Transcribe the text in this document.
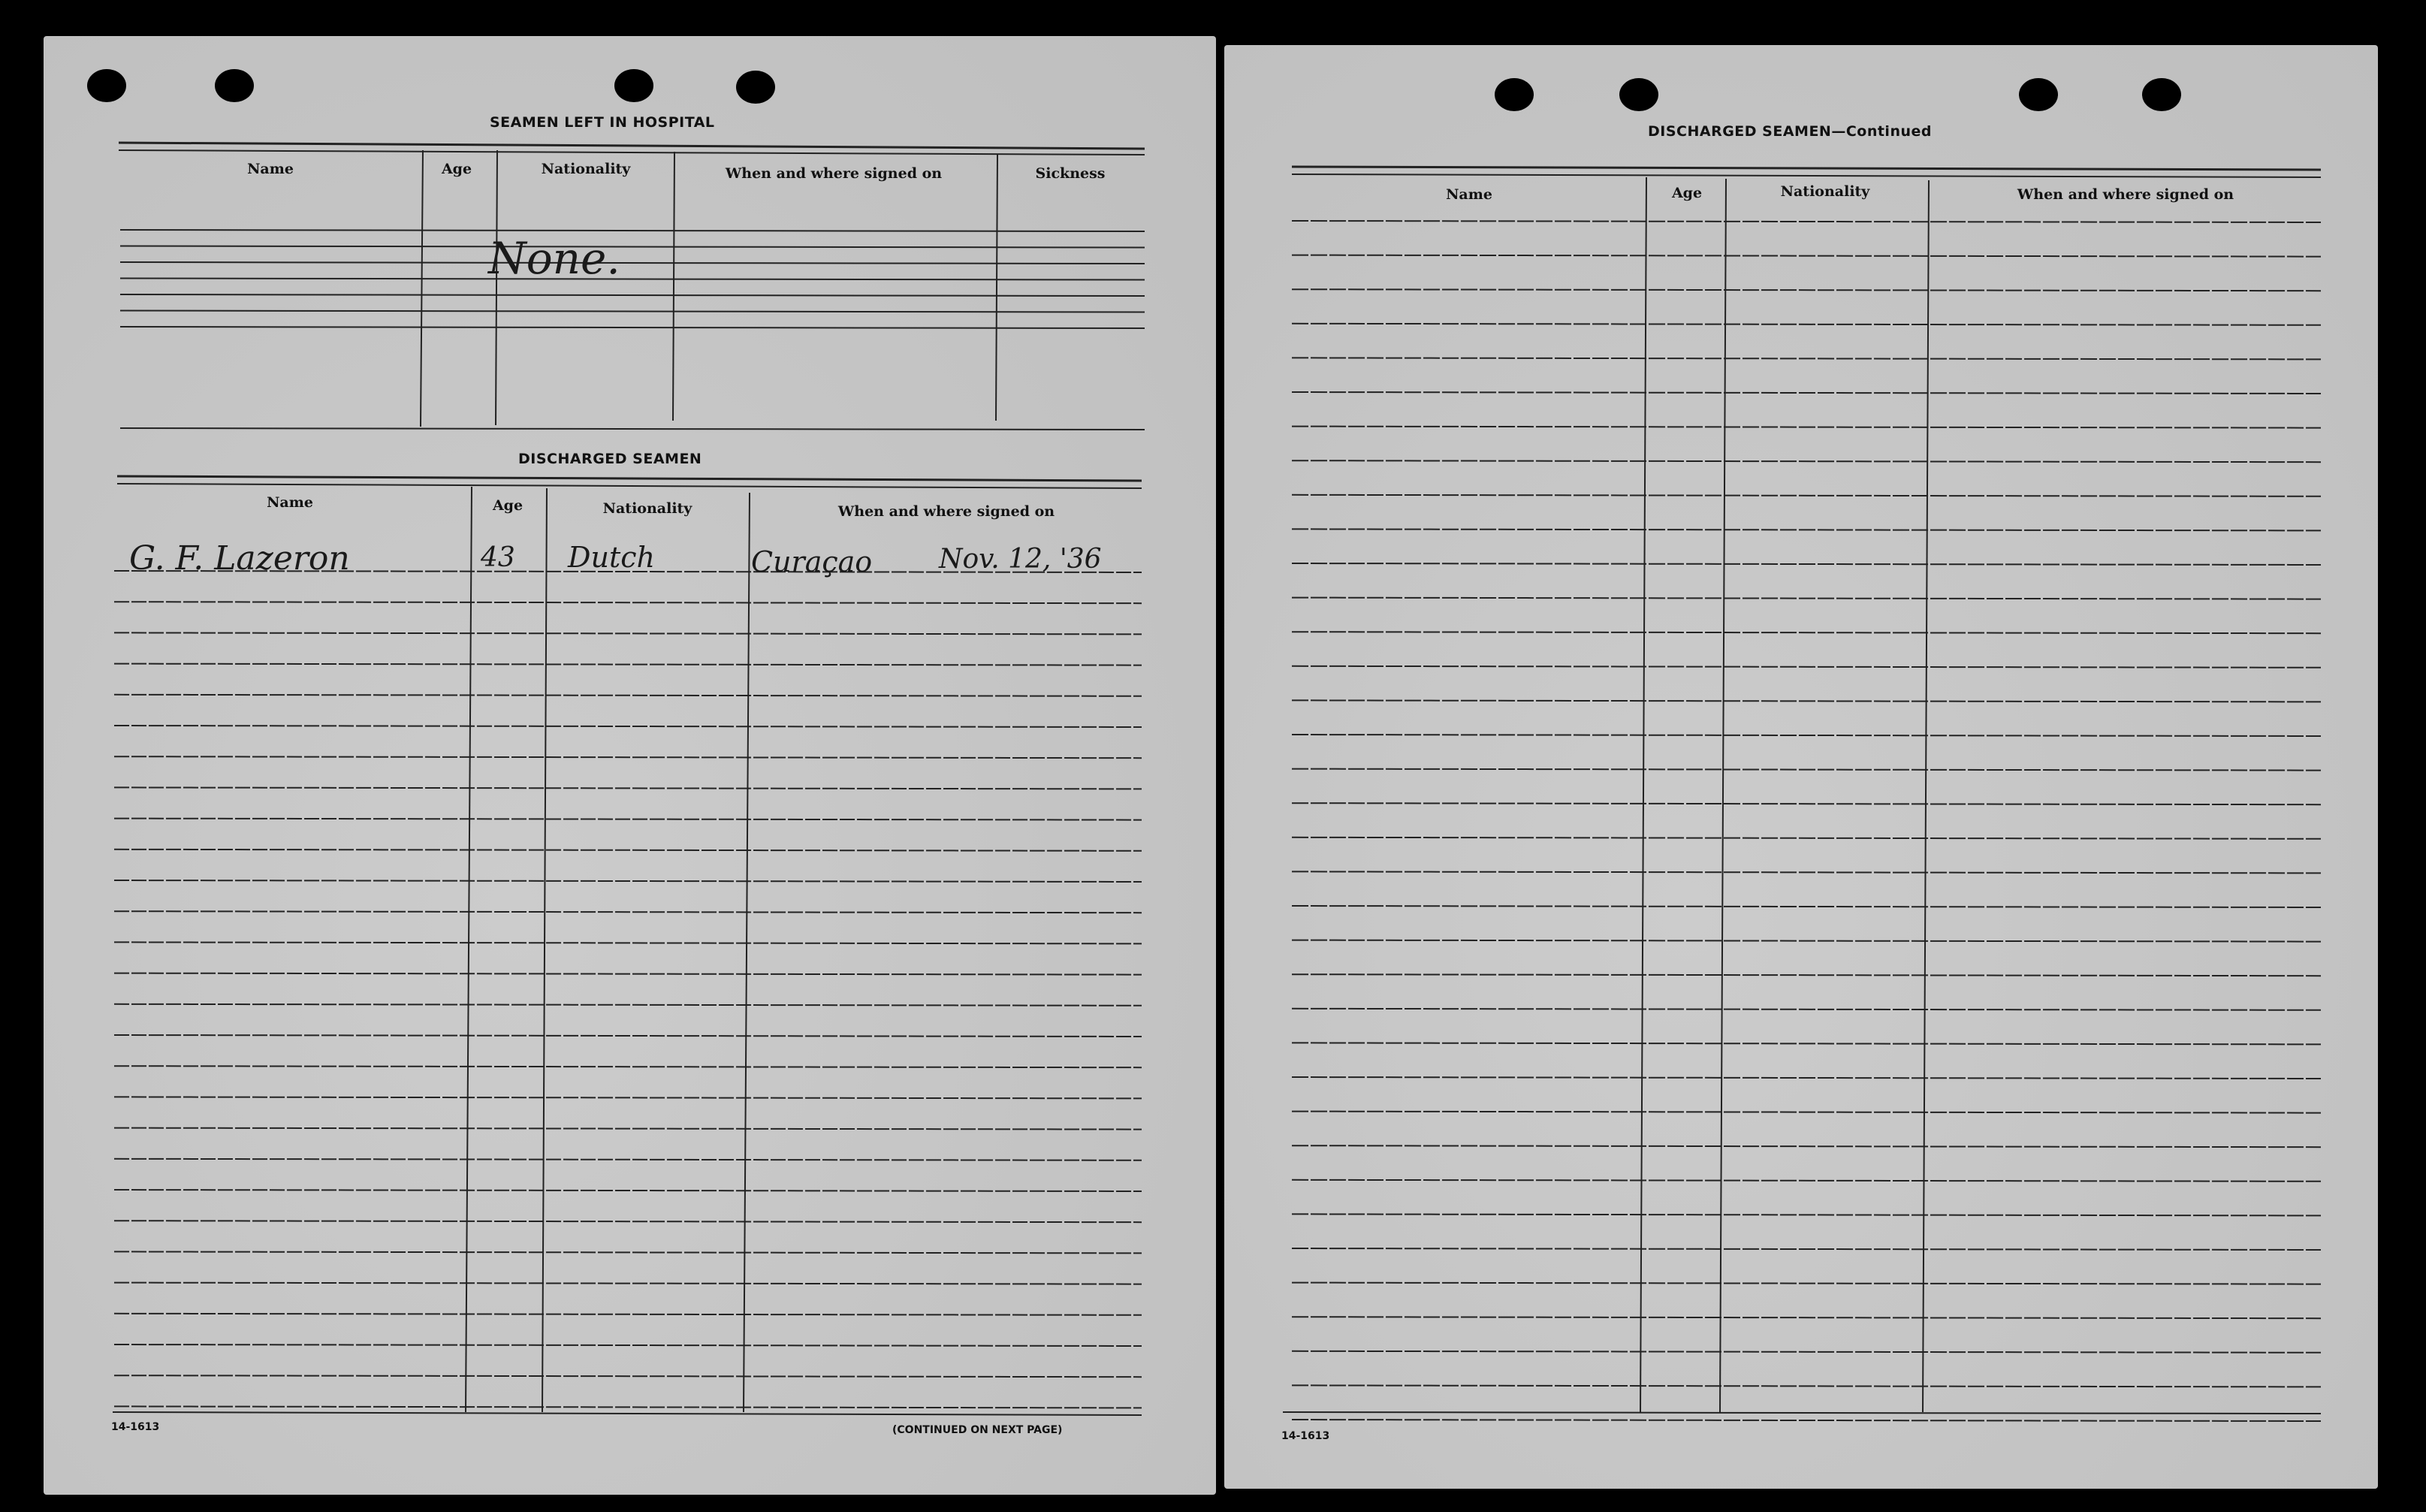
SEAMEN LEFT IN HOSPITAL
Name	Age	Nationality	When and where signed on	Sickness
None.
DISCHARGED SEAMEN
Name	Age	Nationality	When and where signed on
G. F. Lazeron	43 Dutch	Curaçao Nov. 12, '36
14-1613	(CONTINUED ON NEXT PAGE)
DISCHARGED SEAMEN—Continued
Name	Age	Nationality	When and where signed on
14-1613
